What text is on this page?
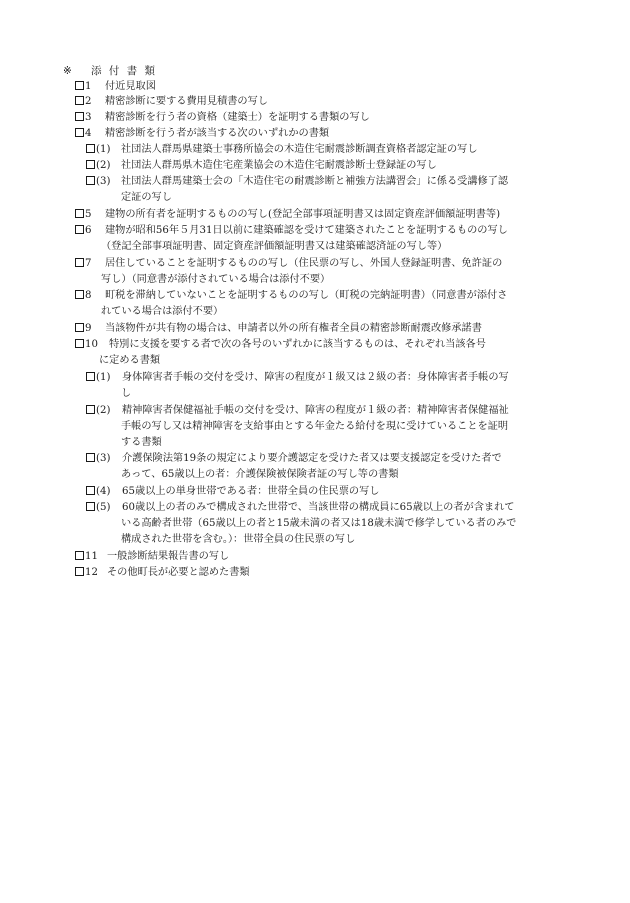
※ 添 付 書 類
1 付近見取図
2 精密診断に要する費用見積書の写し
3 精密診断を行う者の資格（建築士）を証明する書類の写し
4 精密診断を行う者が該当する次のいずれかの書類
(1) 社団法人群馬県建築士事務所協会の木造住宅耐震診断調査資格者認定証の写し
(2) 社団法人群馬県木造住宅産業協会の木造住宅耐震診断士登録証の写し
(3) 社団法人群馬建築士会の「木造住宅の耐震診断と補強方法講習会」に係る受講修了認
定証の写し
5 建物の所有者を証明するものの写し(登記全部事項証明書又は固定資産評価額証明書等)
6 建物が昭和56年５月31日以前に建築確認を受けて建築されたことを証明するものの写し
（登記全部事項証明書、固定資産評価額証明書又は建築確認済証の写し等）
7 居住していることを証明するものの写し（住民票の写し、外国人登録証明書、免許証の
写し）（同意書が添付されている場合は添付不要）
8 町税を滞納していないことを証明するものの写し（町税の完納証明書）（同意書が添付さ
れている場合は添付不要）
9 当該物件が共有物の場合は、申請者以外の所有権者全員の精密診断耐震改修承諾書
10 特別に支援を要する者で次の各号のいずれかに該当するものは、それぞれ当該各号
に定める書類
(1) 身体障害者手帳の交付を受け、障害の程度が１級又は２級の者：身体障害者手帳の写
し
(2) 精神障害者保健福祉手帳の交付を受け、障害の程度が１級の者：精神障害者保健福祉
手帳の写し又は精神障害を支給事由とする年金たる給付を現に受けていることを証明
する書類
(3) 介護保険法第19条の規定により要介護認定を受けた者又は要支援認定を受けた者で
あって、65歳以上の者：介護保険被保険者証の写し等の書類
(4) 65歳以上の単身世帯である者：世帯全員の住民票の写し
(5) 60歳以上の者のみで構成された世帯で、当該世帯の構成員に65歳以上の者が含まれて
いる高齢者世帯（65歳以上の者と15歳未満の者又は18歳未満で修学している者のみで
構成された世帯を含む。）：世帯全員の住民票の写し
11 一般診断結果報告書の写し
12 その他町長が必要と認めた書類
